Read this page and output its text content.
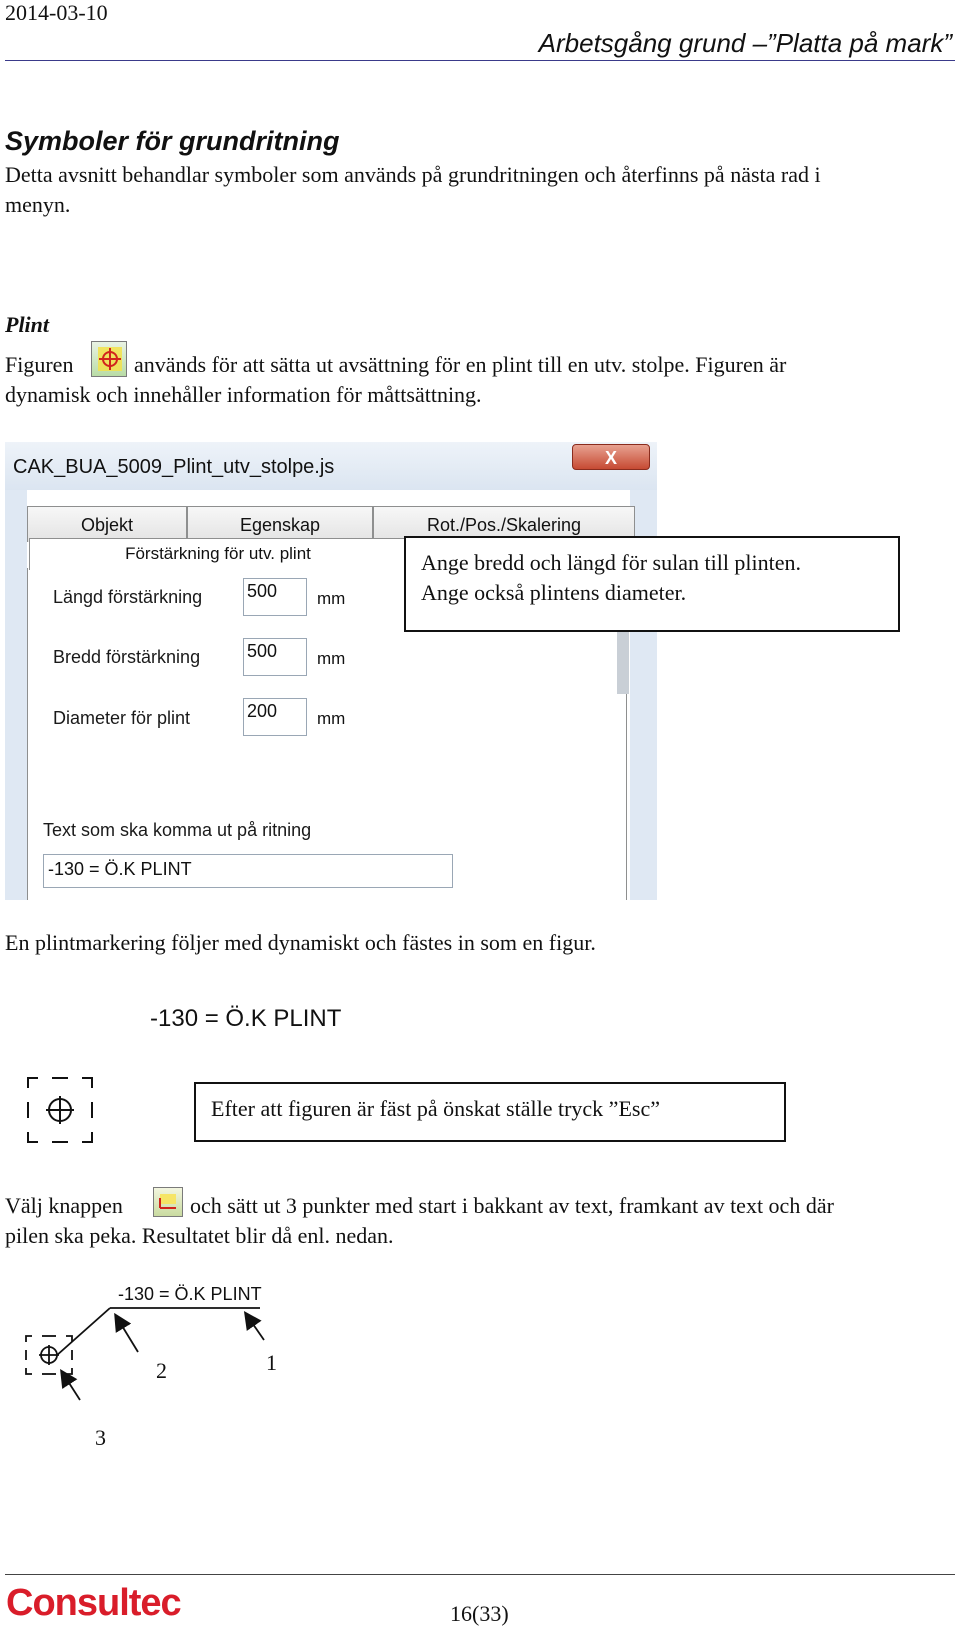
2014-03-10
Arbetsgång grund –”Platta på mark”
Symboler för grundritning
Detta avsnitt behandlar symboler som används på grundritningen och återfinns på nästa rad i
menyn.
Plint
Figuren	används för att sätta ut avsättning för en plint till en utv. stolpe. Figuren är
dynamisk och innehåller information för måttsättning.
CAK_BUA_5009_Plint_utv_stolpe.js	X
Objekt	Egenskap	Rot./Pos./Skalering
Förstärkning för utv. plint
Längd förstärkning 500	mm
Bredd förstärkning	500	mm
Diameter för plint	200	mm
Text som ska komma ut på ritning
-130 = Ö.K PLINT
Ange bredd och längd för sulan till plinten.
Ange också plintens diameter.
En plintmarkering följer med dynamiskt och fästes in som en figur.
-130 = Ö.K PLINT
Efter att figuren är fäst på önskat ställe tryck ”Esc”
Välj knappen	och sätt ut 3 punkter med start i bakkant av text, framkant av text och där
pilen ska peka. Resultatet blir då enl. nedan.
-130 = Ö.K PLINT
1
2
3
Consultec	16(33)
